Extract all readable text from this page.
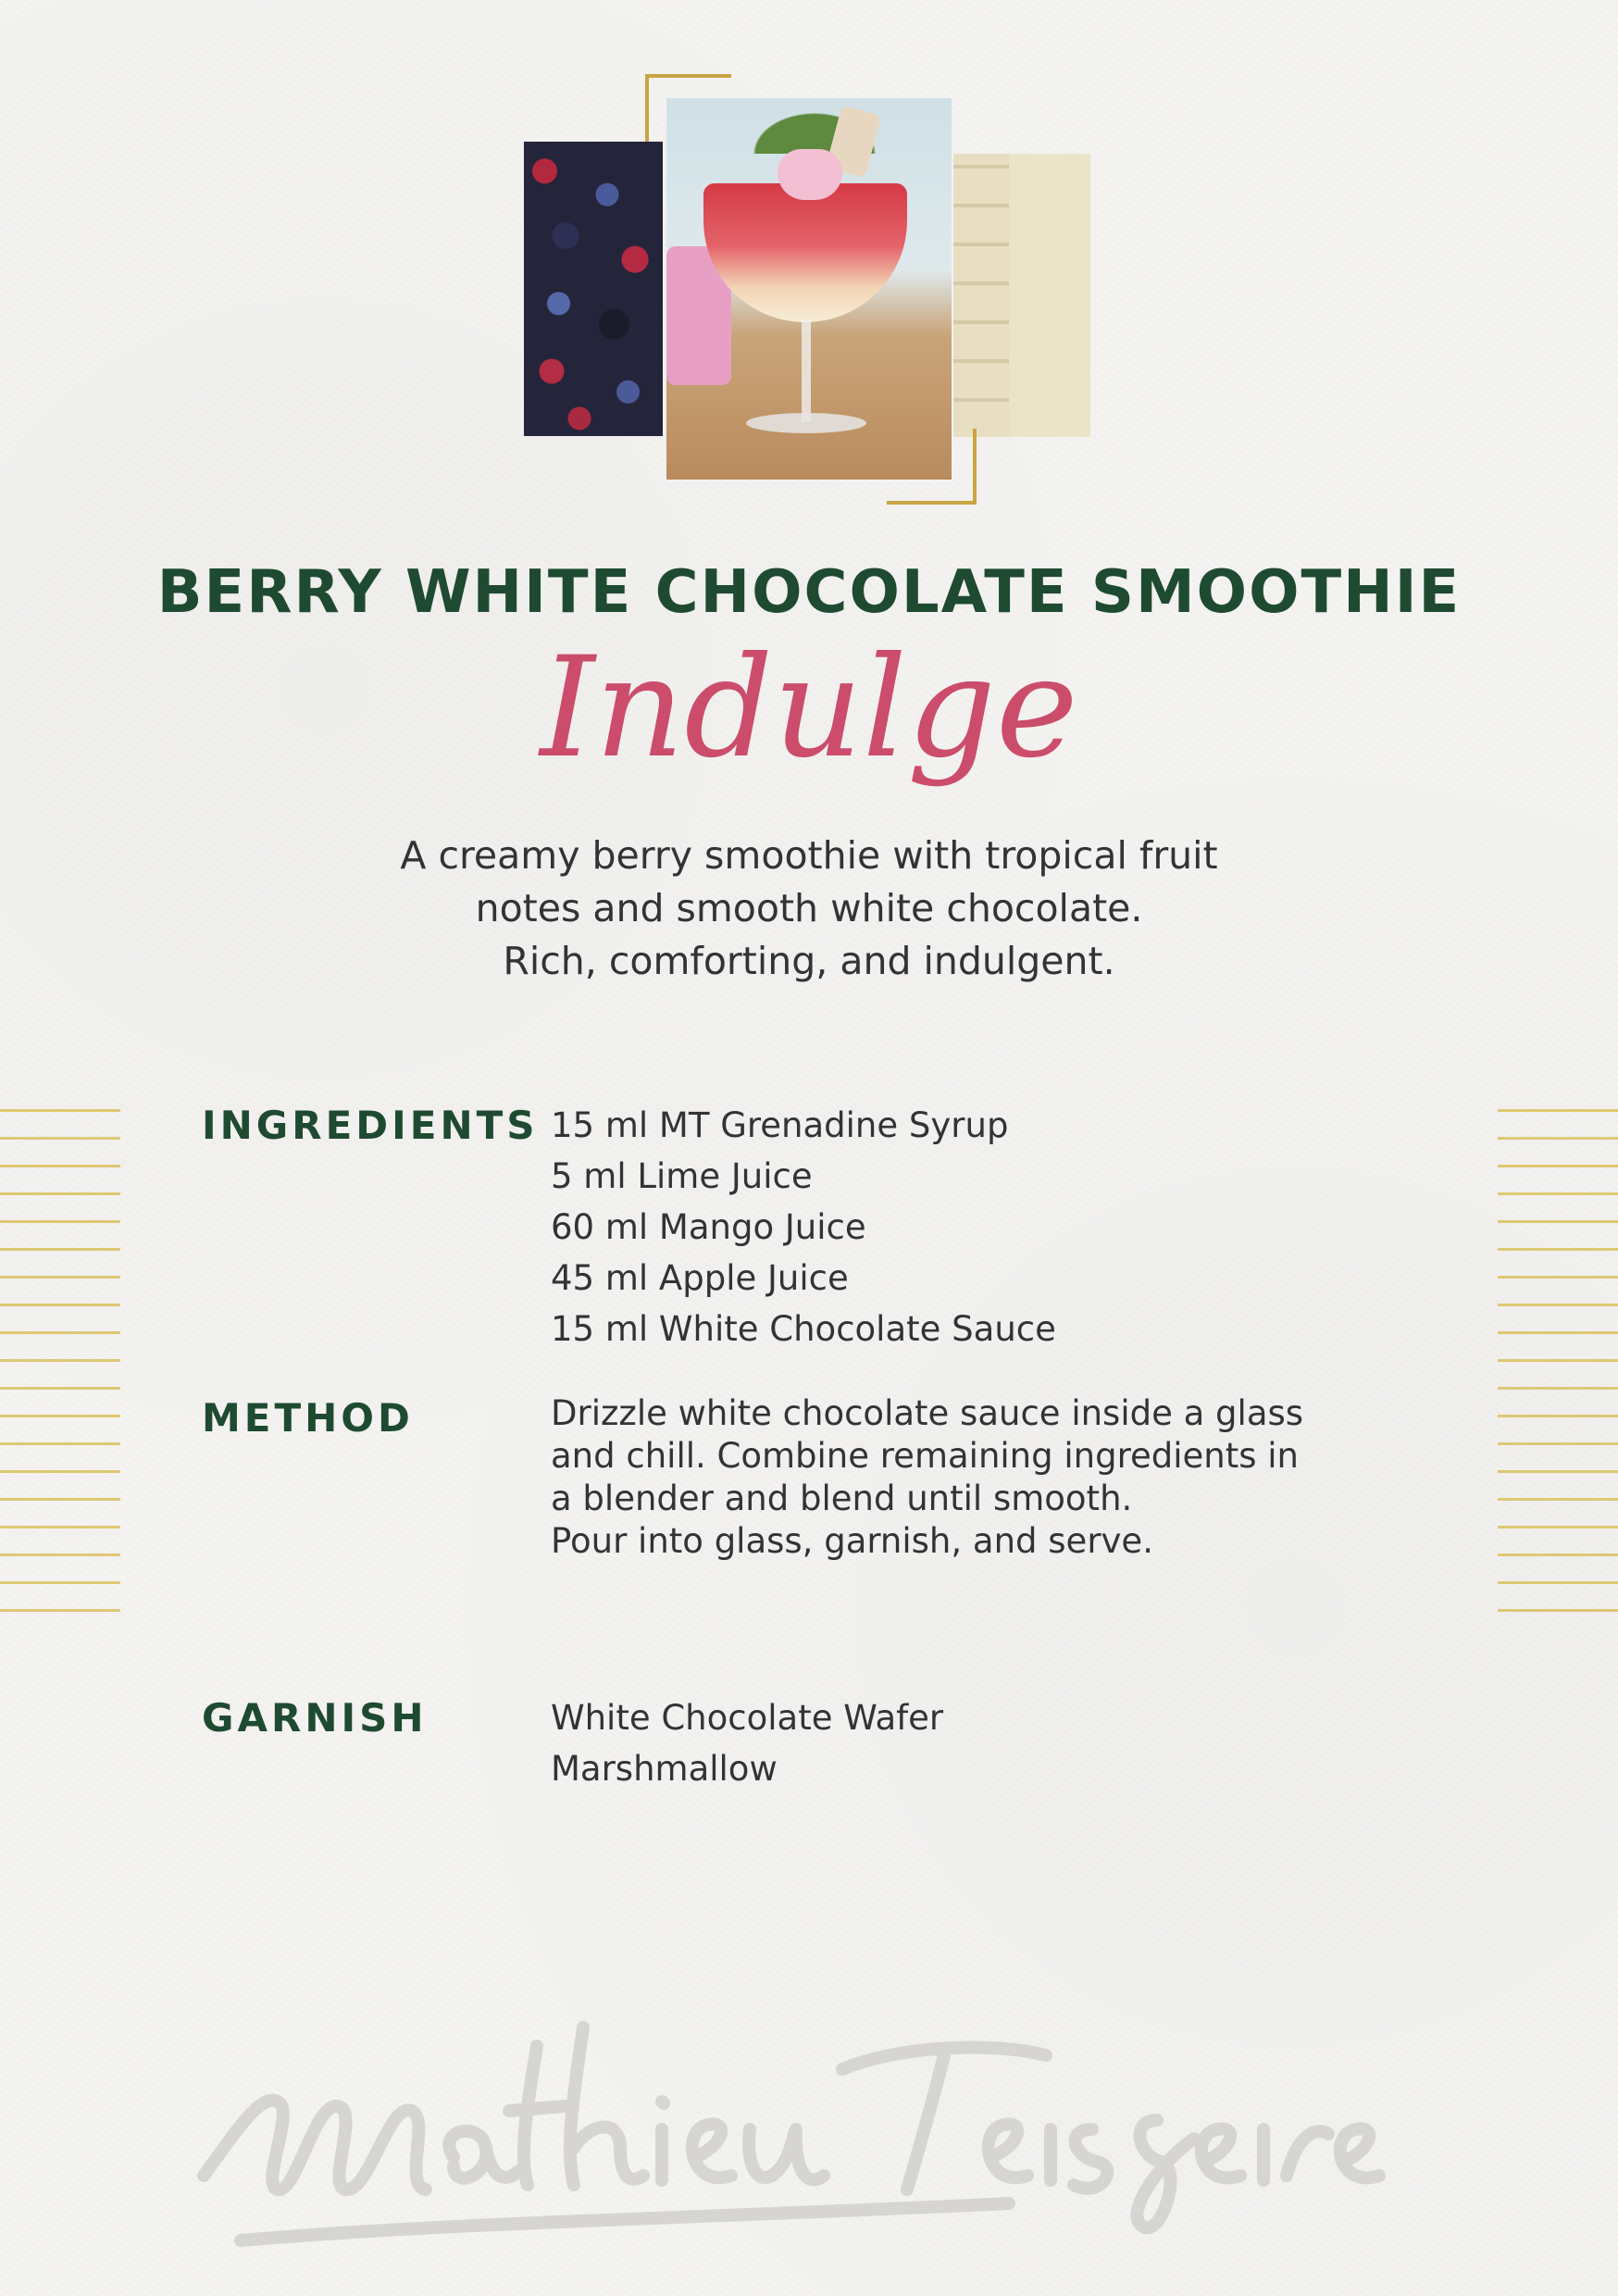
BERRY WHITE CHOCOLATE SMOOTHIE

Indulge

A creamy berry smoothie with tropical fruit
notes and smooth white chocolate.
Rich, comforting, and indulgent.

INGREDIENTS 15 ml MT Grenadine Syrup
5 ml Lime Juice
60 ml Mango Juice
45 ml Apple Juice
15 ml White Chocolate Sauce
METHOD	Drizzle white chocolate sauce inside a glass
and chill. Combine remaining ingredients in
a blender and blend until smooth.
Pour into glass, garnish, and serve.
GARNISH	White Chocolate Wafer
Marshmallow
